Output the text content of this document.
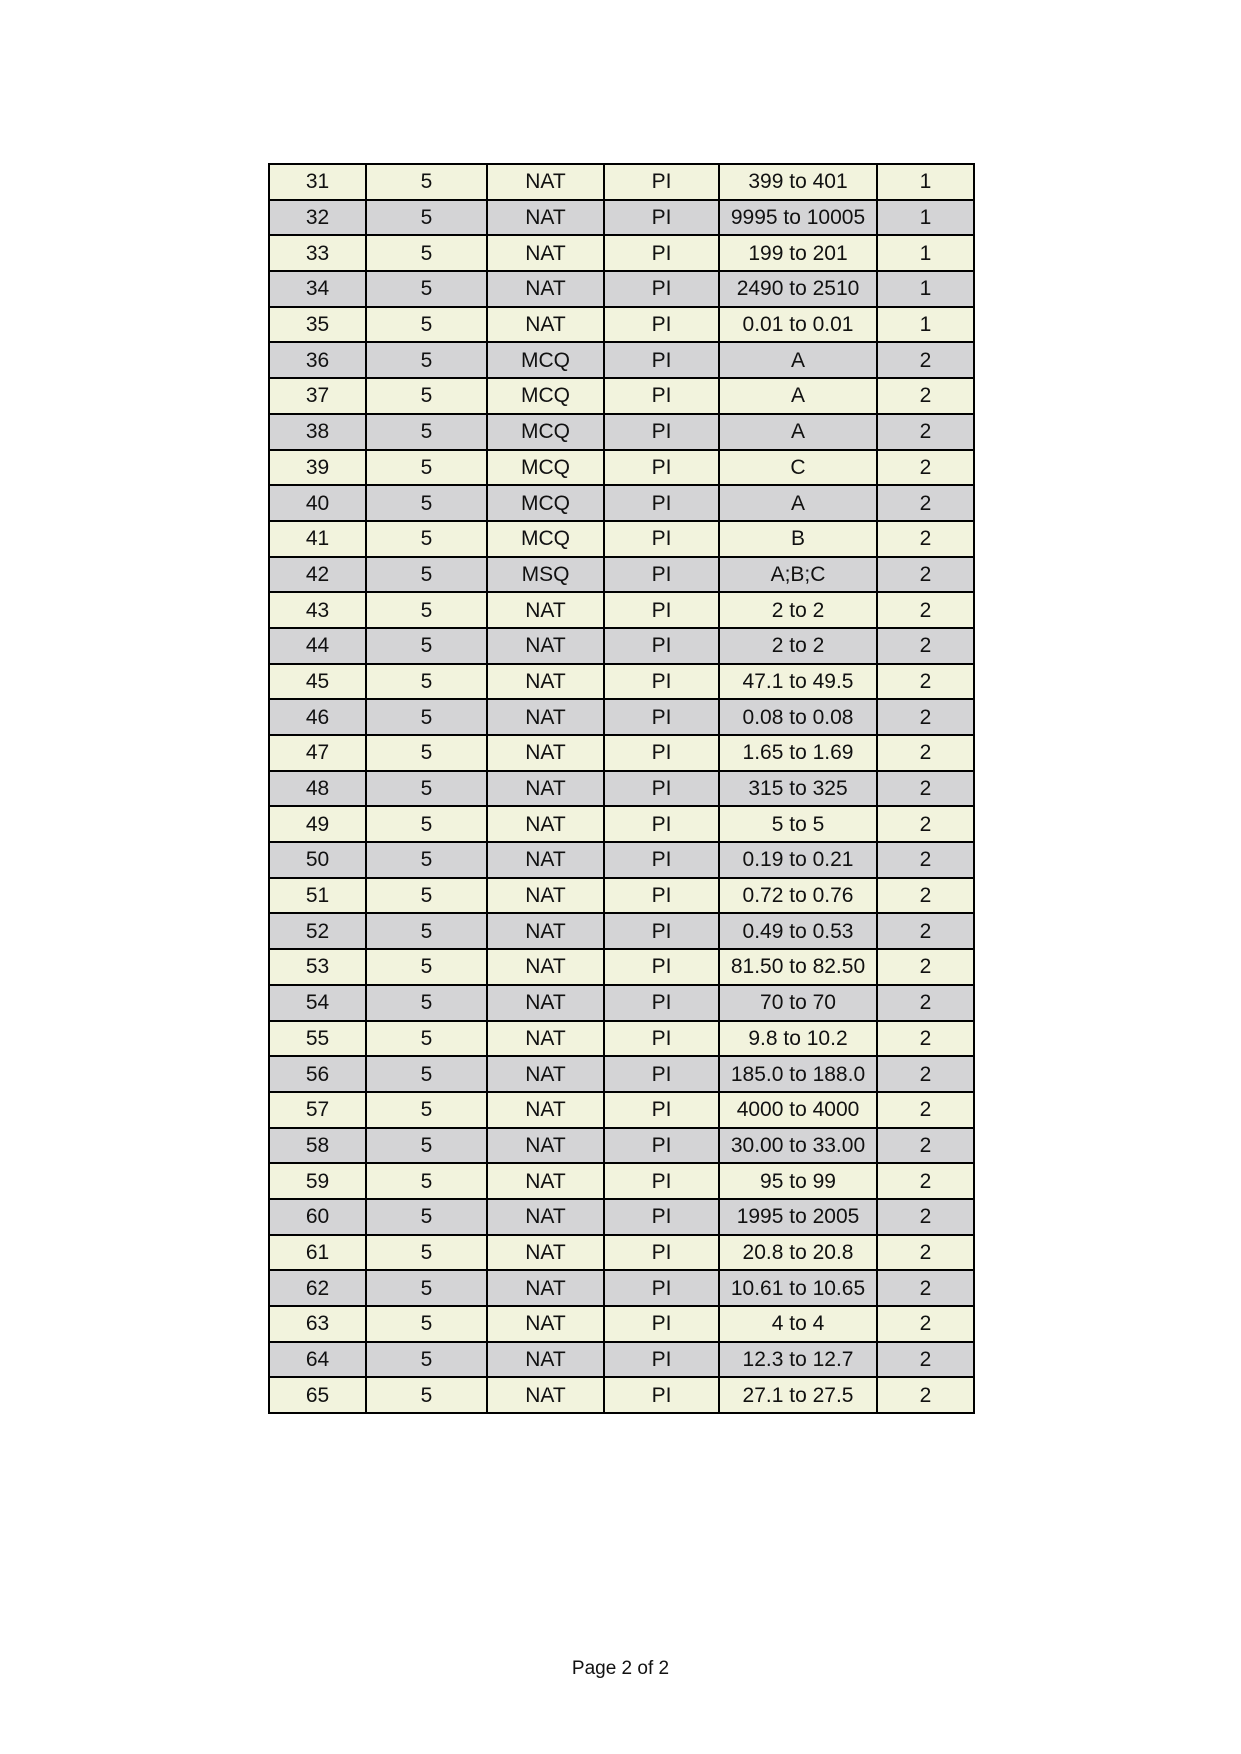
31	5	NAT	PI	399 to 401	1
32	5	NAT	PI	9995 to 10005	1
33	5	NAT	PI	199 to 201	1
34	5	NAT	PI	2490 to 2510	1
35	5	NAT	PI	0.01 to 0.01	1
36	5	MCQ	PI	A	2
37	5	MCQ	PI	A	2
38	5	MCQ	PI	A	2
39	5	MCQ	PI	C	2
40	5	MCQ	PI	A	2
41	5	MCQ	PI	B	2
42	5	MSQ	PI	A;B;C	2
43	5	NAT	PI	2 to 2	2
44	5	NAT	PI	2 to 2	2
45	5	NAT	PI	47.1 to 49.5	2
46	5	NAT	PI	0.08 to 0.08	2
47	5	NAT	PI	1.65 to 1.69	2
48	5	NAT	PI	315 to 325	2
49	5	NAT	PI	5 to 5	2
50	5	NAT	PI	0.19 to 0.21	2
51	5	NAT	PI	0.72 to 0.76	2
52	5	NAT	PI	0.49 to 0.53	2
53	5	NAT	PI	81.50 to 82.50	2
54	5	NAT	PI	70 to 70	2
55	5	NAT	PI	9.8 to 10.2	2
56	5	NAT	PI	185.0 to 188.0	2
57	5	NAT	PI	4000 to 4000	2
58	5	NAT	PI	30.00 to 33.00	2
59	5	NAT	PI	95 to 99	2
60	5	NAT	PI	1995 to 2005	2
61	5	NAT	PI	20.8 to 20.8	2
62	5	NAT	PI	10.61 to 10.65	2
63	5	NAT	PI	4 to 4	2
64	5	NAT	PI	12.3 to 12.7	2
65	5	NAT	PI	27.1 to 27.5	2
Page 2 of 2
